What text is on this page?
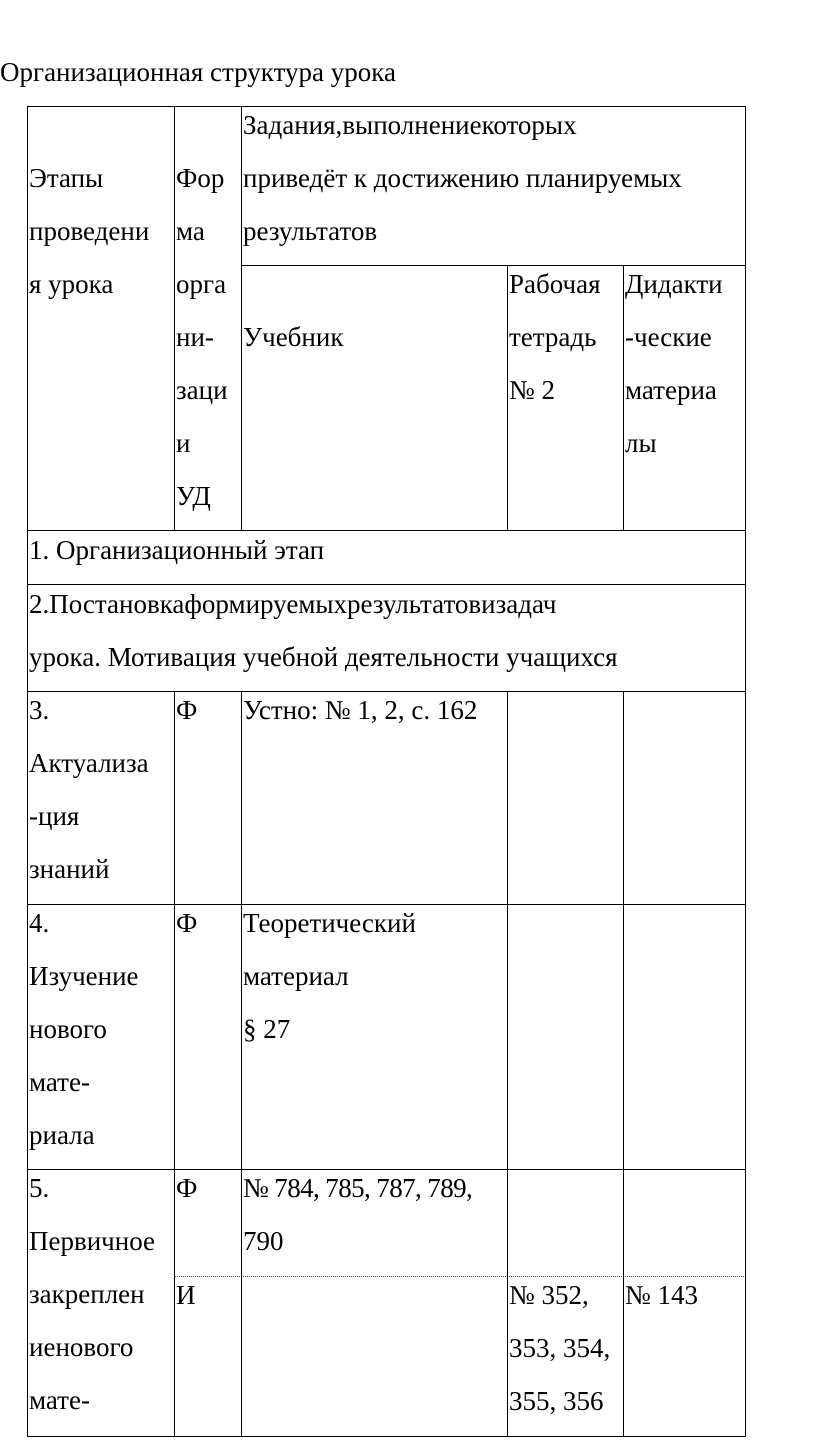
Организационная структура урока
Этапы
проведени
я урока
Фор
ма
орга
ни-
заци
и
УД
Задания,выполнениекоторых
приведёт к достижению планируемых
результатов
Учебник
Рабочая
тетрадь
№ 2
Дидакти
-ческие
материа
лы
1. Организационный этап
2.Постановкаформируемыхрезультатовизадач
урока. Мотивация учебной деятельности учащихся
3.
Актуализа
-ция
знаний
Ф Устно: № 1, 2, с. 162
4.
Изучение
нового
мате-
риала
Ф Теоретический
материал
§ 27
5.
Первичное
закреплен
иенового
мате-
Ф № 784, 785, 787, 789,
790
И	№ 352,
353, 354,
355, 356
№ 143
